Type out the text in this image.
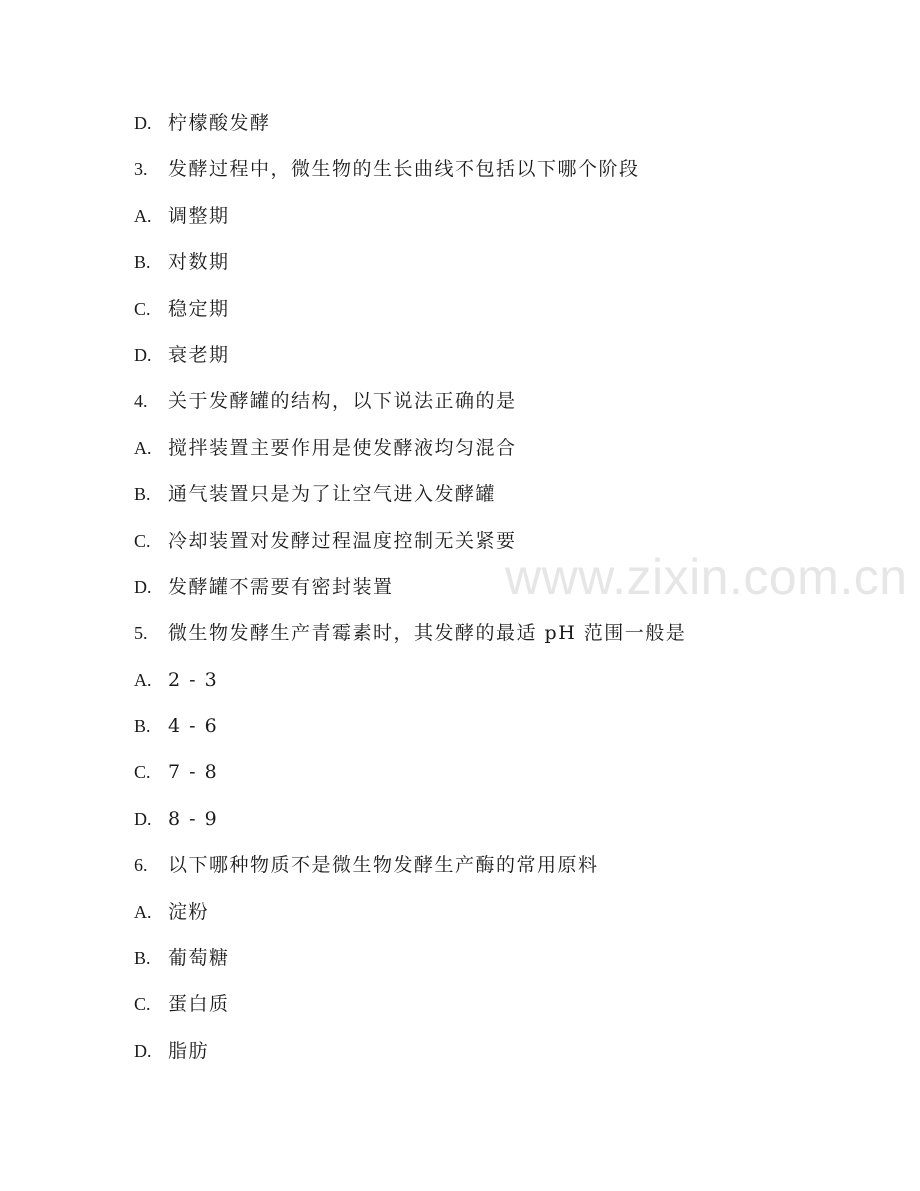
www.zixin.com.cn
D. 柠檬酸发酵
3. 发酵过程中，微生物的生长曲线不包括以下哪个阶段
A. 调整期
B. 对数期
C. 稳定期
D. 衰老期
4. 关于发酵罐的结构，以下说法正确的是
A. 搅拌装置主要作用是使发酵液均匀混合
B. 通气装置只是为了让空气进入发酵罐
C. 冷却装置对发酵过程温度控制无关紧要
D. 发酵罐不需要有密封装置
5. 微生物发酵生产青霉素时，其发酵的最适 pH 范围一般是
A. 2 - 3
B. 4 - 6
C. 7 - 8
D. 8 - 9
6. 以下哪种物质不是微生物发酵生产酶的常用原料
A. 淀粉
B. 葡萄糖
C. 蛋白质
D. 脂肪
